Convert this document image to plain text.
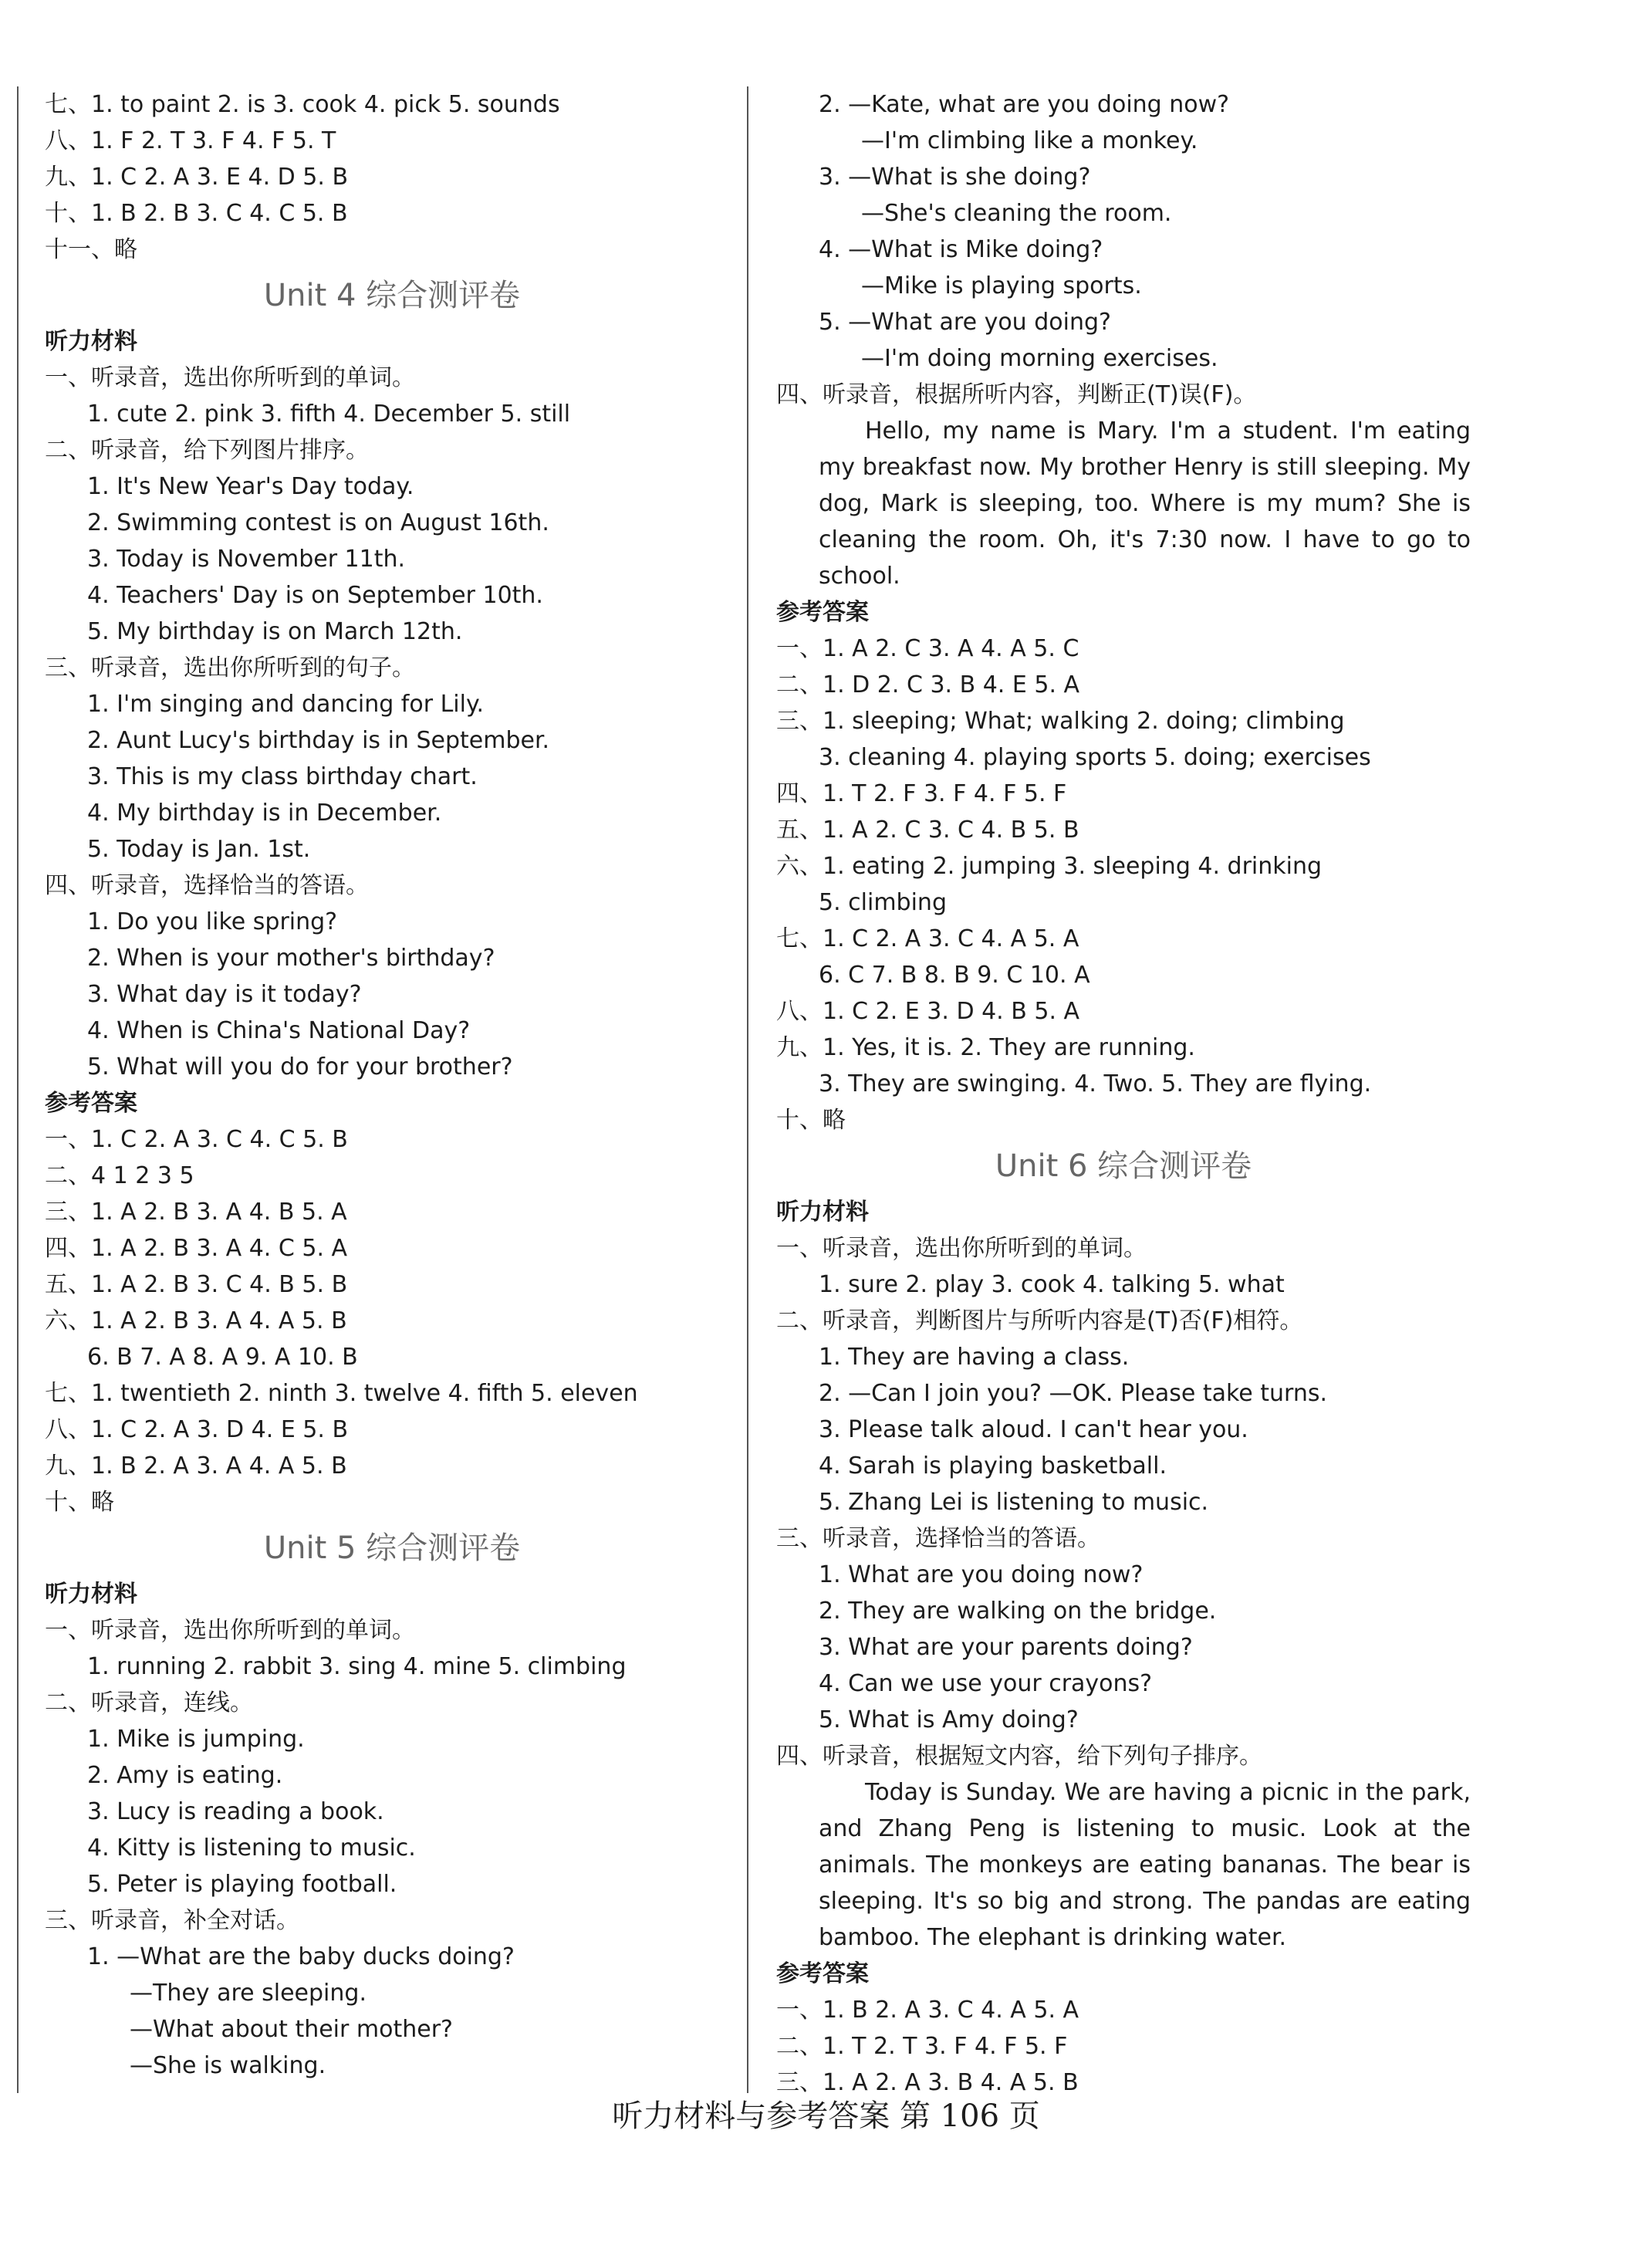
七、1. to paint 2. is 3. cook 4. pick 5. sounds
八、1. F 2. T 3. F 4. F 5. T
九、1. C 2. A 3. E 4. D 5. B
十、1. B 2. B 3. C 4. C 5. B
十一、略
Unit 4 综合测评卷
听力材料
一、听录音，选出你所听到的单词。
1. cute 2. pink 3. fifth 4. December 5. still
二、听录音，给下列图片排序。
1. It's New Year's Day today.
2. Swimming contest is on August 16th.
3. Today is November 11th.
4. Teachers' Day is on September 10th.
5. My birthday is on March 12th.
三、听录音，选出你所听到的句子。
1. I'm singing and dancing for Lily.
2. Aunt Lucy's birthday is in September.
3. This is my class birthday chart.
4. My birthday is in December.
5. Today is Jan. 1st.
四、听录音，选择恰当的答语。
1. Do you like spring?
2. When is your mother's birthday?
3. What day is it today?
4. When is China's National Day?
5. What will you do for your brother?
参考答案
一、1. C 2. A 3. C 4. C 5. B
二、4 1 2 3 5
三、1. A 2. B 3. A 4. B 5. A
四、1. A 2. B 3. A 4. C 5. A
五、1. A 2. B 3. C 4. B 5. B
六、1. A 2. B 3. A 4. A 5. B
6. B 7. A 8. A 9. A 10. B
七、1. twentieth 2. ninth 3. twelve 4. fifth 5. eleven
八、1. C 2. A 3. D 4. E 5. B
九、1. B 2. A 3. A 4. A 5. B
十、略
Unit 5 综合测评卷
听力材料
一、听录音，选出你所听到的单词。
1. running 2. rabbit 3. sing 4. mine 5. climbing
二、听录音，连线。
1. Mike is jumping.
2. Amy is eating.
3. Lucy is reading a book.
4. Kitty is listening to music.
5. Peter is playing football.
三、听录音，补全对话。
1. —What are the baby ducks doing?
—They are sleeping.
—What about their mother?
—She is walking.
2. —Kate, what are you doing now?
—I'm climbing like a monkey.
3. —What is she doing?
—She's cleaning the room.
4. —What is Mike doing?
—Mike is playing sports.
5. —What are you doing?
—I'm doing morning exercises.
四、听录音，根据所听内容，判断正(T)误(F)。
Hello, my name is Mary. I'm a student. I'm eating my breakfast now. My brother Henry is still sleeping. My dog, Mark is sleeping, too. Where is my mum? She is cleaning the room. Oh, it's 7:30 now. I have to go to school.
参考答案
一、1. A 2. C 3. A 4. A 5. C
二、1. D 2. C 3. B 4. E 5. A
三、1. sleeping; What; walking 2. doing; climbing
3. cleaning 4. playing sports 5. doing; exercises
四、1. T 2. F 3. F 4. F 5. F
五、1. A 2. C 3. C 4. B 5. B
六、1. eating 2. jumping 3. sleeping 4. drinking
5. climbing
七、1. C 2. A 3. C 4. A 5. A
6. C 7. B 8. B 9. C 10. A
八、1. C 2. E 3. D 4. B 5. A
九、1. Yes, it is. 2. They are running.
3. They are swinging. 4. Two. 5. They are flying.
十、略
Unit 6 综合测评卷
听力材料
一、听录音，选出你所听到的单词。
1. sure 2. play 3. cook 4. talking 5. what
二、听录音，判断图片与所听内容是(T)否(F)相符。
1. They are having a class.
2. —Can I join you? —OK. Please take turns.
3. Please talk aloud. I can't hear you.
4. Sarah is playing basketball.
5. Zhang Lei is listening to music.
三、听录音，选择恰当的答语。
1. What are you doing now?
2. They are walking on the bridge.
3. What are your parents doing?
4. Can we use your crayons?
5. What is Amy doing?
四、听录音，根据短文内容，给下列句子排序。
Today is Sunday. We are having a picnic in the park, and Zhang Peng is listening to music. Look at the animals. The monkeys are eating bananas. The bear is sleeping. It's so big and strong. The pandas are eating bamboo. The elephant is drinking water.
参考答案
一、1. B 2. A 3. C 4. A 5. A
二、1. T 2. T 3. F 4. F 5. F
三、1. A 2. A 3. B 4. A 5. B
听力材料与参考答案 第 106 页
